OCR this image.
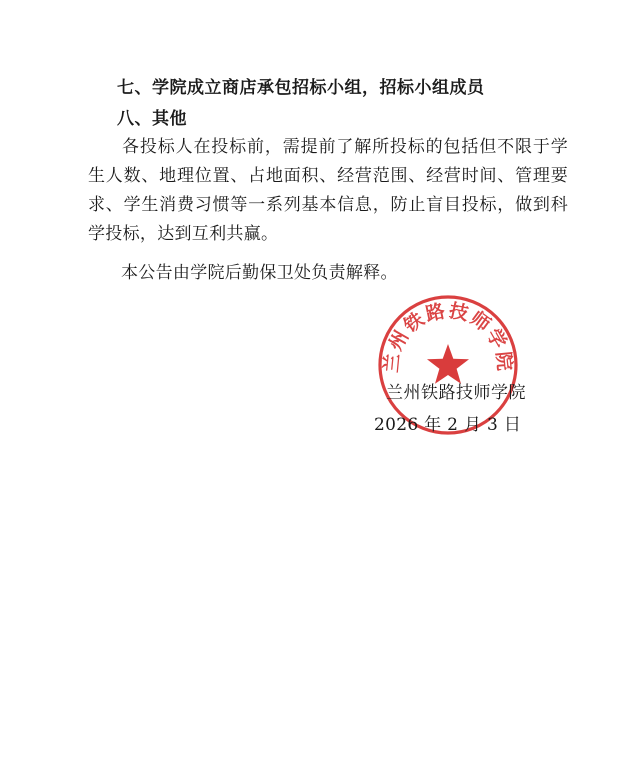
七、学院成立商店承包招标小组，招标小组成员
八、其他
各投标人在投标前，需提前了解所投标的包括但不限于学生人数、地理位置、占地面积、经营范围、经营时间、管理要求、学生消费习惯等一系列基本信息，防止盲目投标，做到科学投标，达到互利共赢。
本公告由学院后勤保卫处负责解释。
兰州铁路技师学院
兰州铁路技师学院
2026 年 2 月 3 日
